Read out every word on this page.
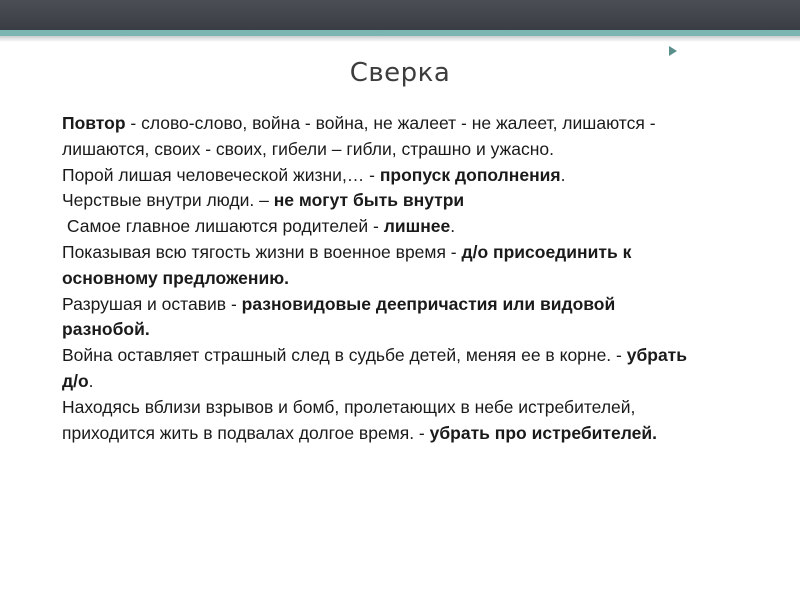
Сверка

Повтор - слово-слово, война - война, не жалеет - не жалеет, лишаются - лишаются, своих - своих, гибели – гибли, страшно и ужасно.

Порой лишая человеческой жизни,… - пропуск дополнения.

Черствые внутри люди. – не могут быть внутри

Самое главное лишаются родителей - лишнее.

Показывая всю тягость жизни в военное время - д/о присоединить к основному предложению.

Разрушая и оставив - разновидовые деепричастия или видовой разнобой.

Война оставляет страшный след в судьбе детей, меняя ее в корне. - убрать д/о.

Находясь вблизи взрывов и бомб, пролетающих в небе истребителей, приходится жить в подвалах долгое время. - убрать про истребителей.
